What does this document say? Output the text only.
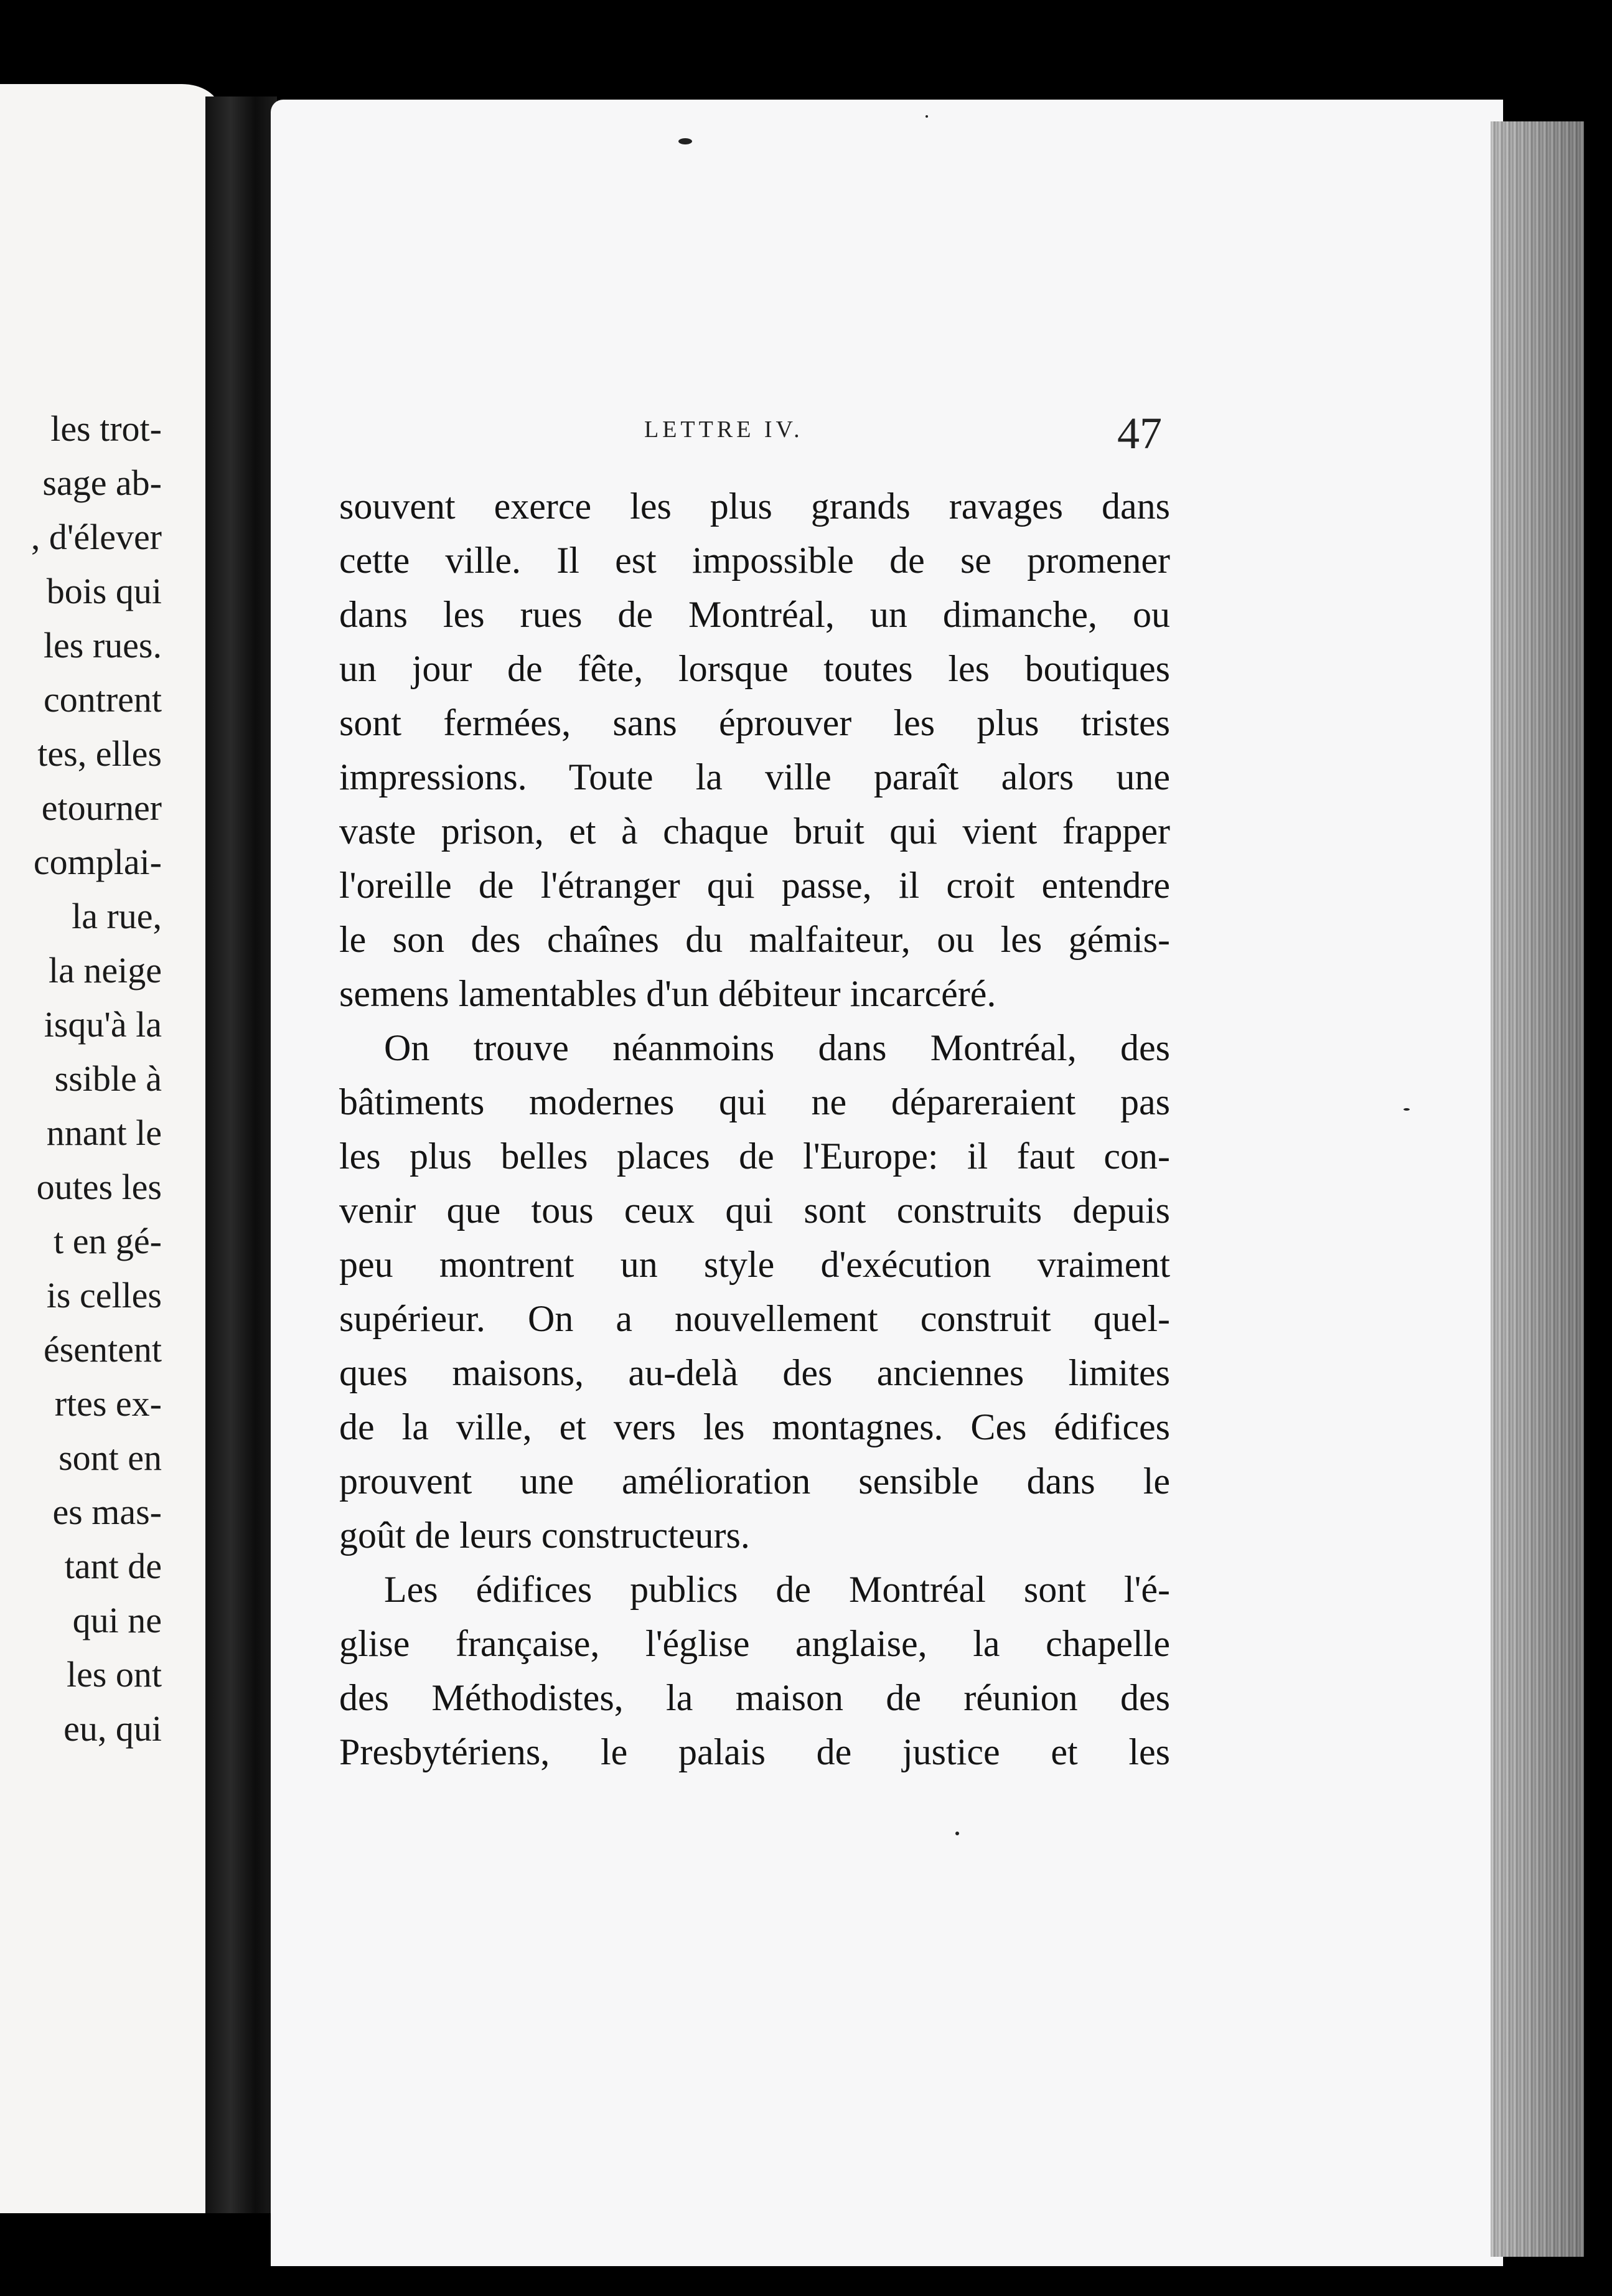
les trot-
sage ab-
, d'élever
bois qui
les rues.
contrent
tes, elles
etourner
complai-
la rue,
la neige
isqu'à la
ssible à
nnant le
outes les
t en gé-
is celles
ésentent
rtes ex-
sont en
es mas-
tant de
qui ne
les ont
eu, qui
LETTRE IV.	47
souvent exerce les plus grands ravages dans
cette ville. Il est impossible de se promener
dans les rues de Montréal, un dimanche, ou
un jour de fête, lorsque toutes les boutiques
sont fermées, sans éprouver les plus tristes
impressions. Toute la ville paraît alors une
vaste prison, et à chaque bruit qui vient frapper
l'oreille de l'étranger qui passe, il croit entendre
le son des chaînes du malfaiteur, ou les gémis-
semens lamentables d'un débiteur incarcéré.
On trouve néanmoins dans Montréal, des
bâtiments modernes qui ne dépareraient pas
les plus belles places de l'Europe: il faut con-
venir que tous ceux qui sont construits depuis
peu montrent un style d'exécution vraiment
supérieur. On a nouvellement construit quel-
ques maisons, au-delà des anciennes limites
de la ville, et vers les montagnes. Ces édifices
prouvent une amélioration sensible dans le
goût de leurs constructeurs.
Les édifices publics de Montréal sont l'é-
glise française, l'église anglaise, la chapelle
des Méthodistes, la maison de réunion des
Presbytériens, le palais de justice et les
